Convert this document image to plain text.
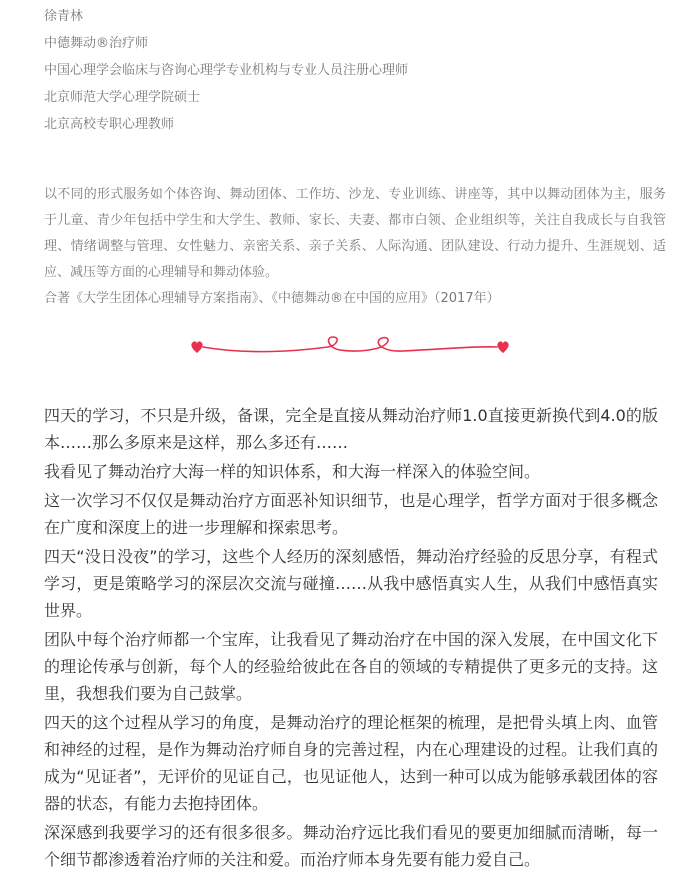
徐青林
中德舞动®治疗师
中国心理学会临床与咨询心理学专业机构与专业人员注册心理师
北京师范大学心理学院硕士
北京高校专职心理教师

以不同的形式服务如个体咨询、舞动团体、工作坊、沙龙、专业训练、讲座等，其中以舞动团体为主，服务于儿童、青少年包括中学生和大学生、教师、家长、夫妻、都市白领、企业组织等，关注自我成长与自我管理、情绪调整与管理、女性魅力、亲密关系、亲子关系、人际沟通、团队建设、行动力提升、生涯规划、适应、减压等方面的心理辅导和舞动体验。

合著《大学生团体心理辅导方案指南》、《中德舞动®在中国的应用》（2017年）

四天的学习，不只是升级，备课，完全是直接从舞动治疗师1.0直接更新换代到4.0的版本……那么多原来是这样，那么多还有……

我看见了舞动治疗大海一样的知识体系，和大海一样深入的体验空间。

这一次学习不仅仅是舞动治疗方面恶补知识细节，也是心理学，哲学方面对于很多概念在广度和深度上的进一步理解和探索思考。

四天“没日没夜”的学习，这些个人经历的深刻感悟，舞动治疗经验的反思分享，有程式学习，更是策略学习的深层次交流与碰撞……从我中感悟真实人生，从我们中感悟真实世界。

团队中每个治疗师都一个宝库，让我看见了舞动治疗在中国的深入发展，在中国文化下的理论传承与创新，每个人的经验给彼此在各自的领域的专精提供了更多元的支持。这里，我想我们要为自己鼓掌。

四天的这个过程从学习的角度，是舞动治疗的理论框架的梳理，是把骨头填上肉、血管和神经的过程，是作为舞动治疗师自身的完善过程，内在心理建设的过程。让我们真的成为“见证者”，无评价的见证自己，也见证他人，达到一种可以成为能够承载团体的容器的状态，有能力去抱持团体。

深深感到我要学习的还有很多很多。舞动治疗远比我们看见的要更加细腻而清晰，每一个细节都渗透着治疗师的关注和爱。而治疗师本身先要有能力爱自己。
